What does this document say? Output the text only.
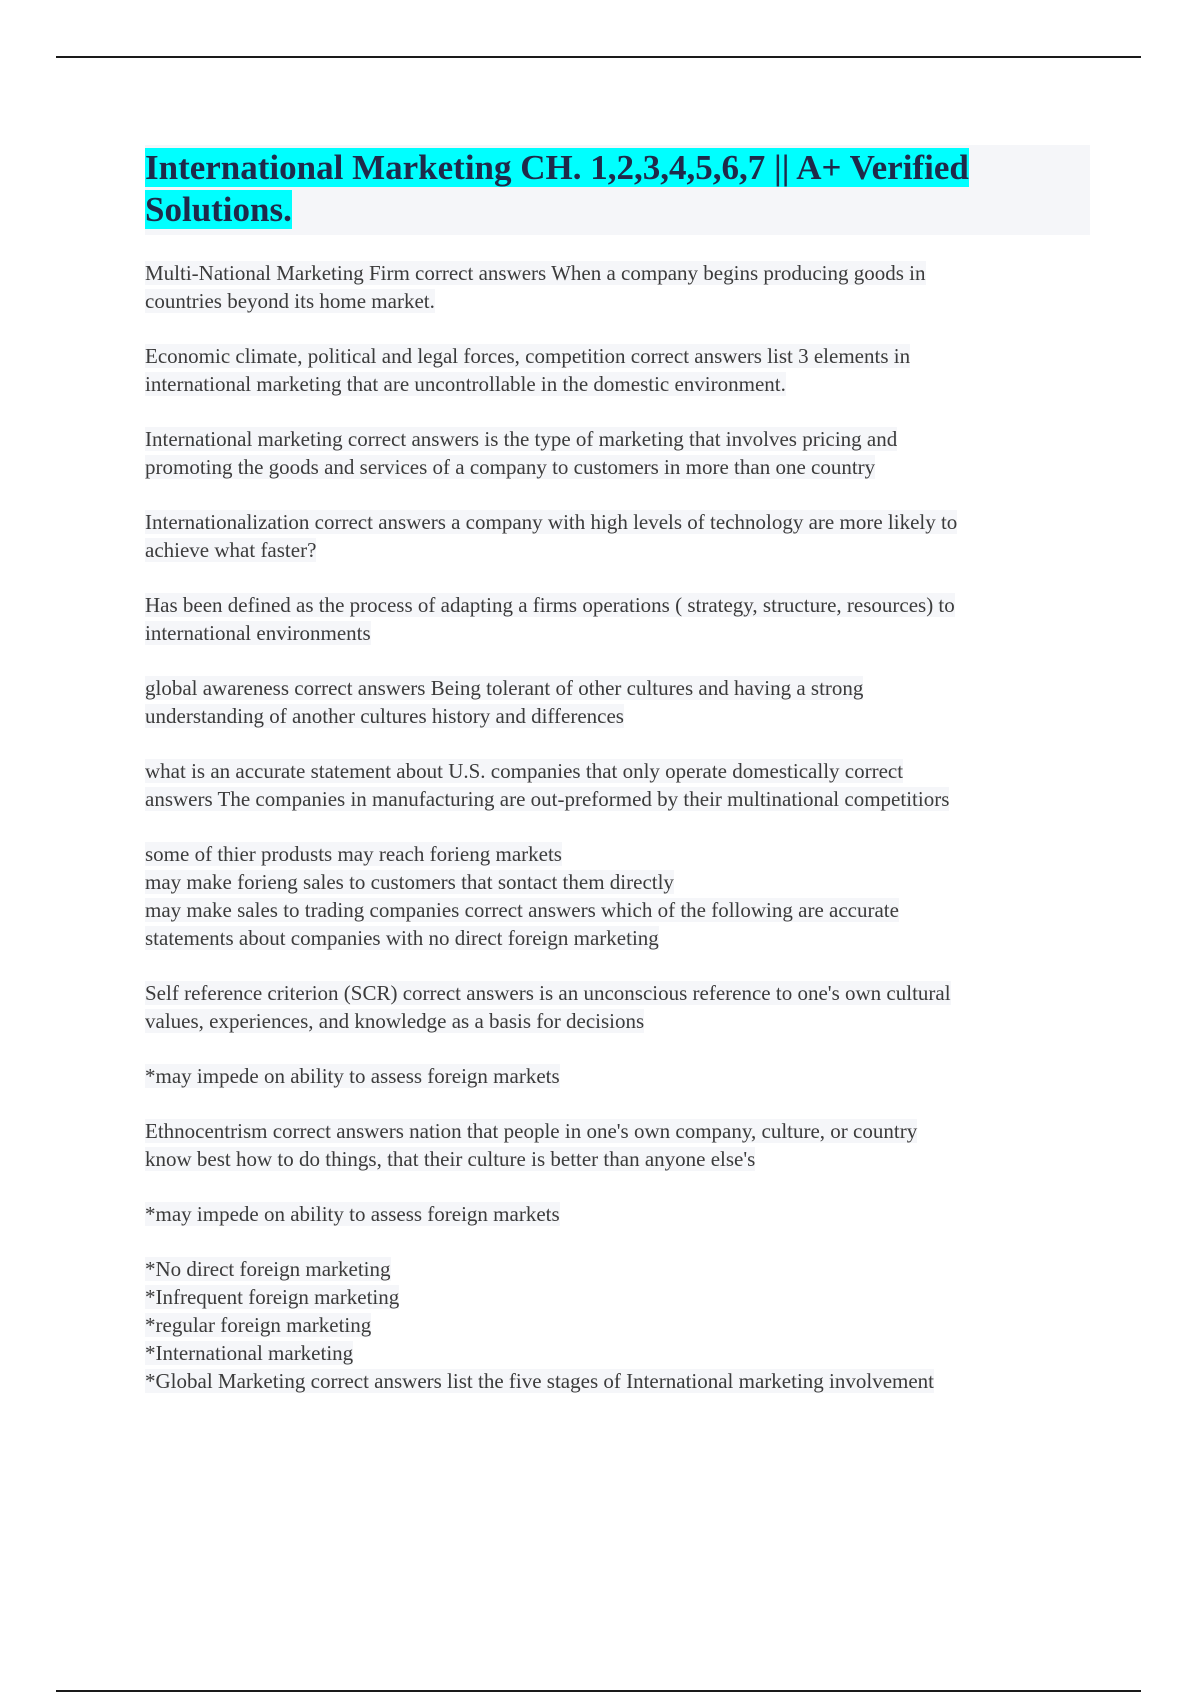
International Marketing CH. 1,2,3,4,5,6,7 || A+ Verified
Solutions.

Multi-National Marketing Firm correct answers When a company begins producing goods in
countries beyond its home market.

Economic climate, political and legal forces, competition correct answers list 3 elements in
international marketing that are uncontrollable in the domestic environment.

International marketing correct answers is the type of marketing that involves pricing and
promoting the goods and services of a company to customers in more than one country

Internationalization correct answers a company with high levels of technology are more likely to
achieve what faster?

Has been defined as the process of adapting a firms operations ( strategy, structure, resources) to
international environments

global awareness correct answers Being tolerant of other cultures and having a strong
understanding of another cultures history and differences

what is an accurate statement about U.S. companies that only operate domestically correct
answers The companies in manufacturing are out-preformed by their multinational competitiors

some of thier produsts may reach forieng markets
may make forieng sales to customers that sontact them directly
may make sales to trading companies correct answers which of the following are accurate
statements about companies with no direct foreign marketing

Self reference criterion (SCR) correct answers is an unconscious reference to one's own cultural
values, experiences, and knowledge as a basis for decisions

*may impede on ability to assess foreign markets

Ethnocentrism correct answers nation that people in one's own company, culture, or country
know best how to do things, that their culture is better than anyone else's

*may impede on ability to assess foreign markets

*No direct foreign marketing
*Infrequent foreign marketing
*regular foreign marketing
*International marketing
*Global Marketing correct answers list the five stages of International marketing involvement
